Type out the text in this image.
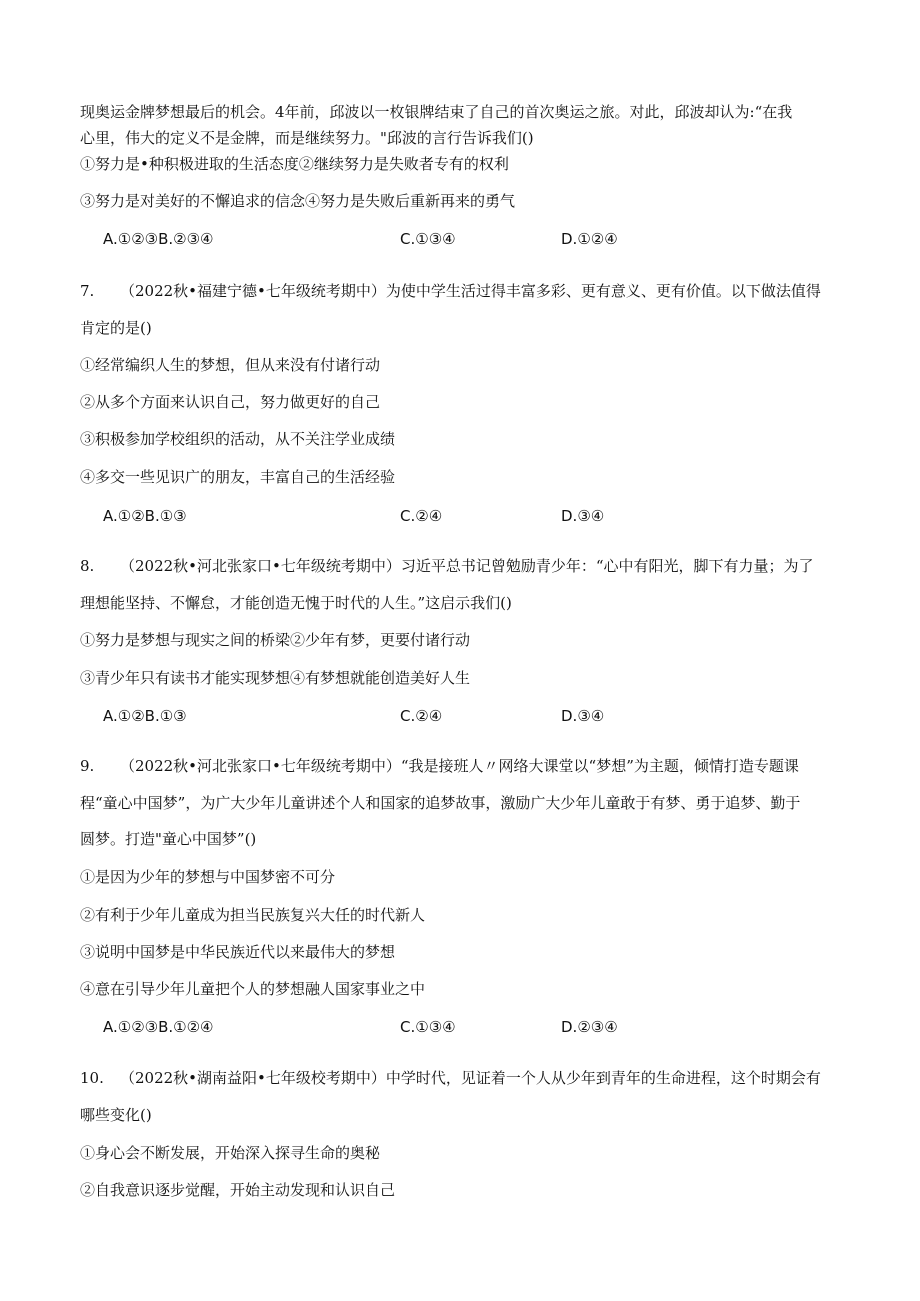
现奥运金牌梦想最后的机会。4年前，邱波以一枚银牌结束了自己的首次奥运之旅。对此，邱波却认为:“在我
心里，伟大的定义不是金牌，而是继续努力。"邱波的言行告诉我们()
①努力是•种积极进取的生活态度②继续努力是失败者专有的权利
③努力是对美好的不懈追求的信念④努力是失败后重新再来的勇气
A.①②③B.②③④	C.①③④	D.①②④
7. （2022秋•福建宁德•七年级统考期中）为使中学生活过得丰富多彩、更有意义、更有价值。以下做法值得
肯定的是()
①经常编织人生的梦想，但从来没有付诸行动
②从多个方面来认识自己，努力做更好的自己
③积极参加学校组织的活动，从不关注学业成绩
④多交一些见识广的朋友，丰富自己的生活经验
A.①②B.①③	C.②④	D.③④
8. （2022秋•河北张家口•七年级统考期中）习近平总书记曾勉励青少年：“心中有阳光，脚下有力量；为了
理想能坚持、不懈怠，才能创造无愧于时代的人生。”这启示我们()
①努力是梦想与现实之间的桥梁②少年有梦，更要付诸行动
③青少年只有读书才能实现梦想④有梦想就能创造美好人生
A.①②B.①③	C.②④	D.③④
9. （2022秋•河北张家口•七年级统考期中）“我是接班人〃网络大课堂以“梦想”为主题，倾情打造专题课
程“童心中国梦”，为广大少年儿童讲述个人和国家的追梦故事，激励广大少年儿童敢于有梦、勇于追梦、勤于
圆梦。打造"童心中国梦”()
①是因为少年的梦想与中国梦密不可分
②有利于少年儿童成为担当民族复兴大任的时代新人
③说明中国梦是中华民族近代以来最伟大的梦想
④意在引导少年儿童把个人的梦想融人国家事业之中
A.①②③B.①②④	C.①③④	D.②③④
10. （2022秋•湖南益阳•七年级校考期中）中学时代，见证着一个人从少年到青年的生命进程，这个时期会有
哪些变化()
①身心会不断发展，开始深入探寻生命的奥秘
②自我意识逐步觉醒，开始主动发现和认识自己
